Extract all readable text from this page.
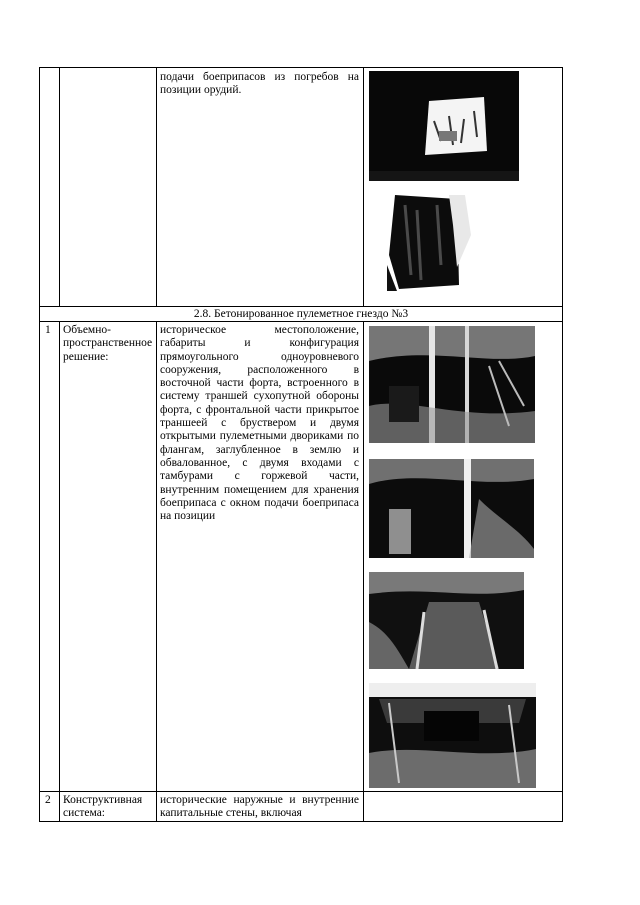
подачи боеприпасов из погребов на позиции орудий.
2.8. Бетонированное пулеметное гнездо №3
1 Объемно-пространственное решение:
историческое местоположение, габариты и конфигурация прямоугольного одноуровневого сооружения, расположенного в восточной части форта, встроенного в систему траншей сухопутной обороны форта, с фронтальной части прикрытое траншеей с бруствером и двумя открытыми пулеметными двориками по флангам, заглубленное в землю и обвалованное, с двумя входами с тамбурами с горжевой части, внутренним помещением для хранения боеприпаса с окном подачи боеприпаса на позиции
2 Конструктивная система:
исторические наружные и внутренние капитальные стены, включая
